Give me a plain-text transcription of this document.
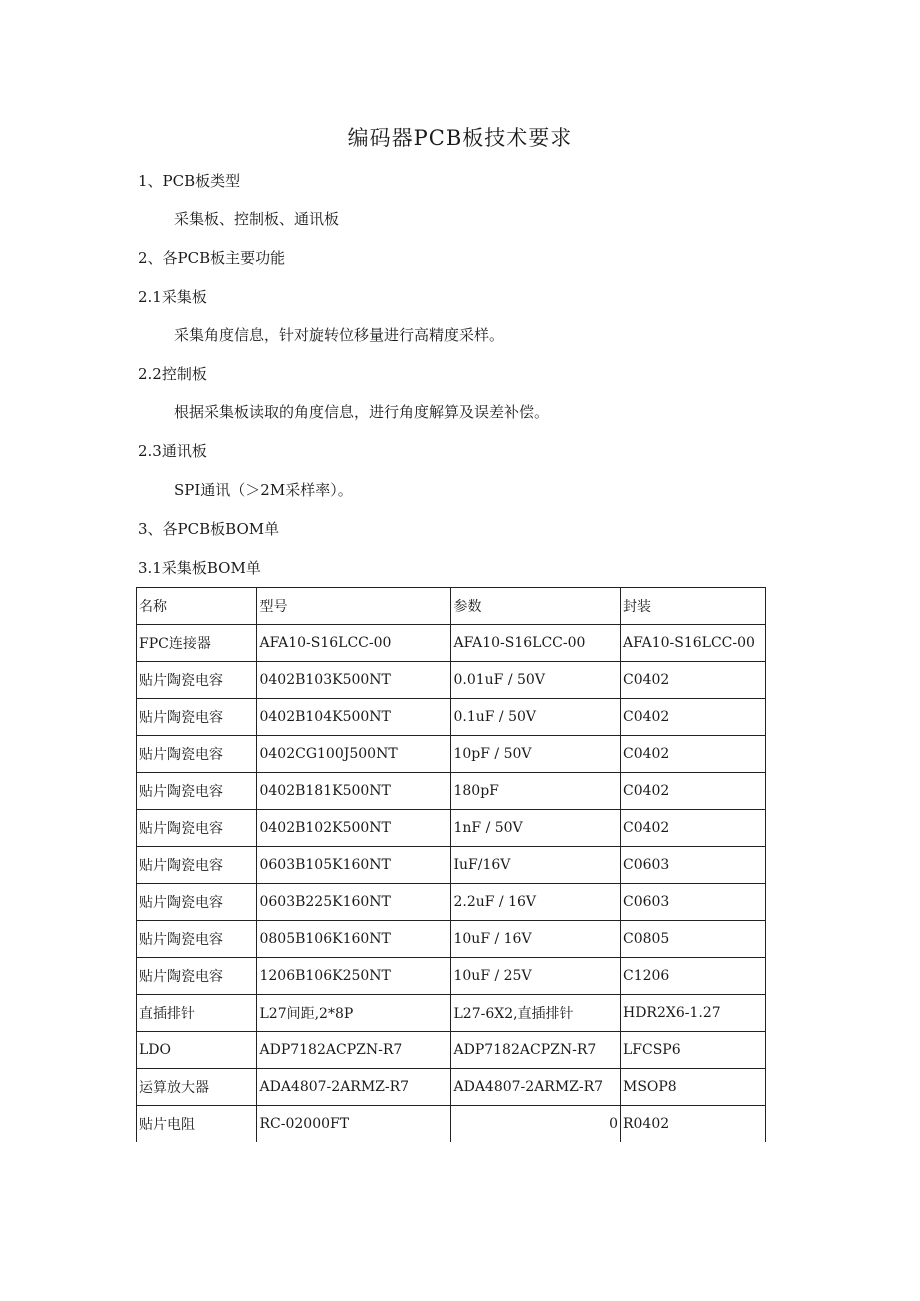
编码器PCB板技术要求
1、PCB板类型
采集板、控制板、通讯板
2、各PCB板主要功能
2.1采集板
采集角度信息，针对旋转位移量进行高精度采样。
2.2控制板
根据采集板读取的角度信息，进行角度解算及误差补偿。
2.3通讯板
SPI通讯（＞2M采样率）。
3、各PCB板BOM单
3.1采集板BOM单
名称	型号	参数	封装
FPC连接器	AFA10-S16LCC-00	AFA10-S16LCC-00	AFA10-S16LCC-00
贴片陶瓷电容	0402B103K500NT	0.01uF / 50V	C0402
贴片陶瓷电容	0402B104K500NT	0.1uF / 50V	C0402
贴片陶瓷电容	0402CG100J500NT	10pF / 50V	C0402
贴片陶瓷电容	0402B181K500NT	180pF	C0402
贴片陶瓷电容	0402B102K500NT	1nF / 50V	C0402
贴片陶瓷电容	0603B105K160NT	IuF/16V	C0603
贴片陶瓷电容	0603B225K160NT	2.2uF / 16V	C0603
贴片陶瓷电容	0805B106K160NT	10uF / 16V	C0805
贴片陶瓷电容	1206B106K250NT	10uF / 25V	C1206
直插排针	L27间距,2*8P	L27-6X2,直插排针	HDR2X6-1.27
LDO	ADP7182ACPZN-R7	ADP7182ACPZN-R7	LFCSP6
运算放大器	ADA4807-2ARMZ-R7	ADA4807-2ARMZ-R7	MSOP8
贴片电阻	RC-02000FT	0	R0402
